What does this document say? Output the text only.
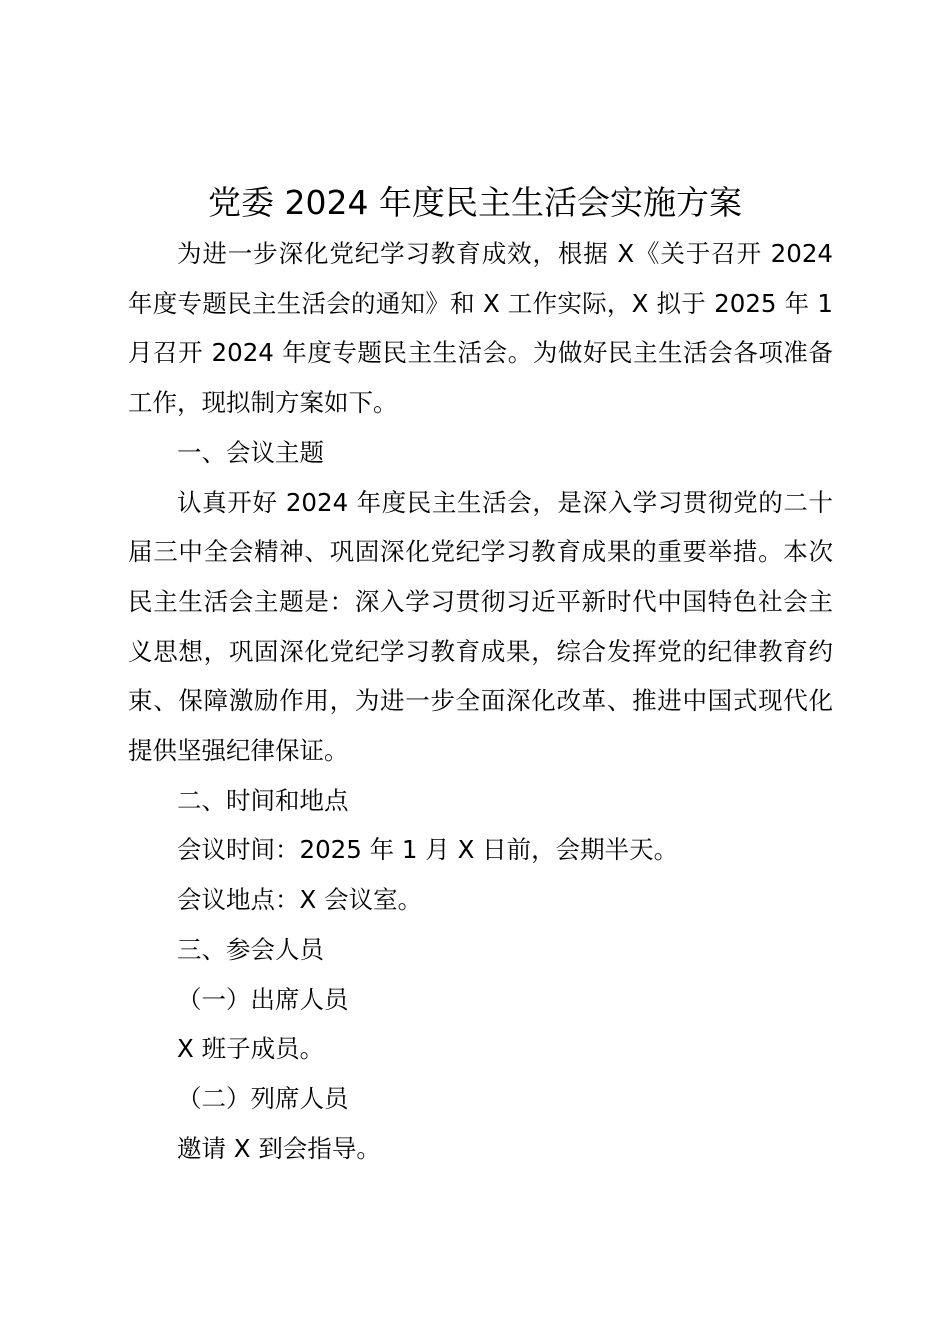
党委 2024 年度民主生活会实施方案

为进一步深化党纪学习教育成效，根据 X《关于召开 2024 年度专题民主生活会的通知》和 X 工作实际，X 拟于 2025 年 1 月召开 2024 年度专题民主生活会。为做好民主生活会各项准备工作，现拟制方案如下。

一、会议主题

认真开好 2024 年度民主生活会，是深入学习贯彻党的二十届三中全会精神、巩固深化党纪学习教育成果的重要举措。本次民主生活会主题是：深入学习贯彻习近平新时代中国特色社会主义思想，巩固深化党纪学习教育成果，综合发挥党的纪律教育约束、保障激励作用，为进一步全面深化改革、推进中国式现代化提供坚强纪律保证。

二、时间和地点

会议时间：2025 年 1 月 X 日前，会期半天。

会议地点：X 会议室。

三、参会人员

（一）出席人员

X 班子成员。

（二）列席人员

邀请 X 到会指导。
